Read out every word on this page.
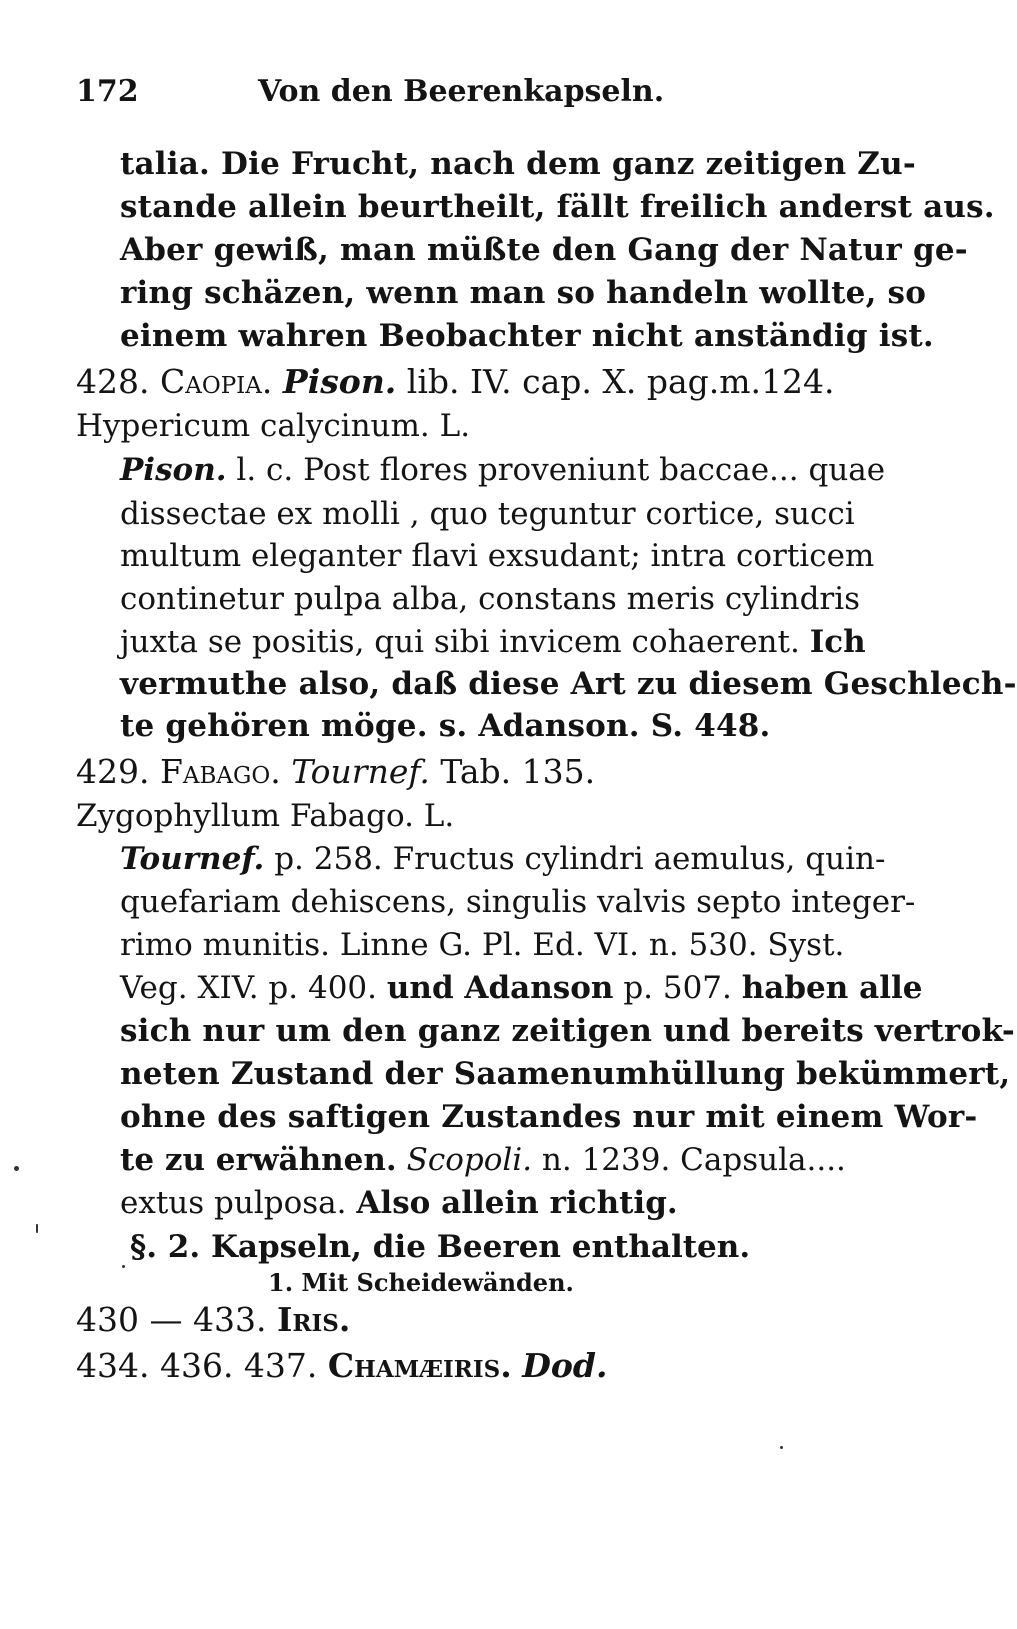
172	Von den Beerenkapseln.
talia. Die Frucht, nach dem ganz zeitigen Zu-
stande allein beurtheilt, fällt freilich anderst aus.
Aber gewiß, man müßte den Gang der Natur ge-
ring schäzen, wenn man so handeln wollte, so
einem wahren Beobachter nicht anständig ist.
428. Caopia. Pison. lib. IV. cap. X. pag.m.124.
Hypericum calycinum. L.
Pison. l. c. Post flores proveniunt baccae... quae
dissectae ex molli , quo teguntur cortice, succi
multum eleganter flavi exsudant; intra corticem
continetur pulpa alba, constans meris cylindris
juxta se positis, qui sibi invicem cohaerent. Ich
vermuthe also, daß diese Art zu diesem Geschlech-
te gehören möge. s. Adanson. S. 448.
429. Fabago. Tournef. Tab. 135.
Zygophyllum Fabago. L.
Tournef. p. 258. Fructus cylindri aemulus, quin-
quefariam dehiscens, singulis valvis septo integer-
rimo munitis. Linne G. Pl. Ed. VI. n. 530. Syst.
Veg. XIV. p. 400. und Adanson p. 507. haben alle
sich nur um den ganz zeitigen und bereits vertrok-
neten Zustand der Saamenumhüllung bekümmert,
ohne des saftigen Zustandes nur mit einem Wor-
te zu erwähnen. Scopoli. n. 1239. Capsula....
extus pulposa. Also allein richtig.
§. 2. Kapseln, die Beeren enthalten.
1. Mit Scheidewänden.
430 — 433. Iris.
434. 436. 437. Chamæiris. Dod.
